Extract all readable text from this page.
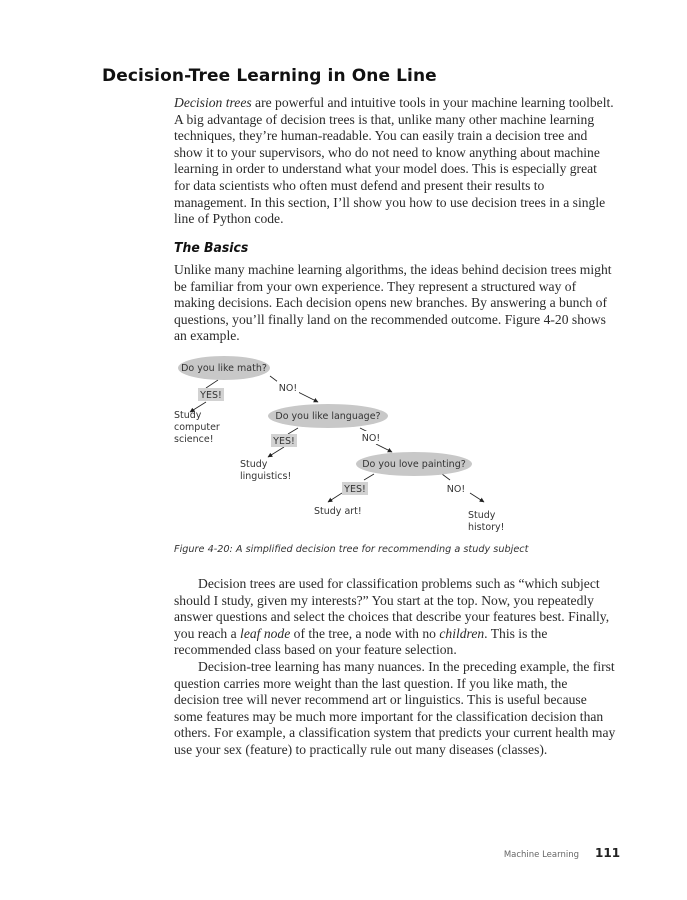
Decision-Tree Learning in One Line

Decision trees are powerful and intuitive tools in your machine learning toolbelt. A big advantage of decision trees is that, unlike many other machine learning techniques, they’re human-readable. You can easily train a decision tree and show it to your supervisors, who do not need to know anything about machine learning in order to understand what your model does. This is especially great for data scientists who often must defend and present their results to management. In this section, I’ll show you how to use decision trees in a single line of Python code.

The Basics

Unlike many machine learning algorithms, the ideas behind decision trees might be familiar from your own experience. They represent a structured way of making decisions. Each decision opens new branches. By answering a bunch of questions, you’ll finally land on the recommended outcome. Figure 4-20 shows an example.

Do you like math?
Do you like language?
Do you love painting?
YES!
NO!
YES!	NO!
YES!	NO!
Study computer science!
Study linguistics!
Study art!	Study history!

Figure 4-20: A simplified decision tree for recommending a study subject

Decision trees are used for classification problems such as “which subject should I study, given my interests?” You start at the top. Now, you repeatedly answer questions and select the choices that describe your features best. Finally, you reach a leaf node of the tree, a node with no children. This is the recommended class based on your feature selection.

Decision-tree learning has many nuances. In the preceding example, the first question carries more weight than the last question. If you like math, the decision tree will never recommend art or linguistics. This is useful because some features may be much more important for the classification decision than others. For example, a classification system that predicts your current health may use your sex (feature) to practically rule out many diseases (classes).

Machine Learning 111
